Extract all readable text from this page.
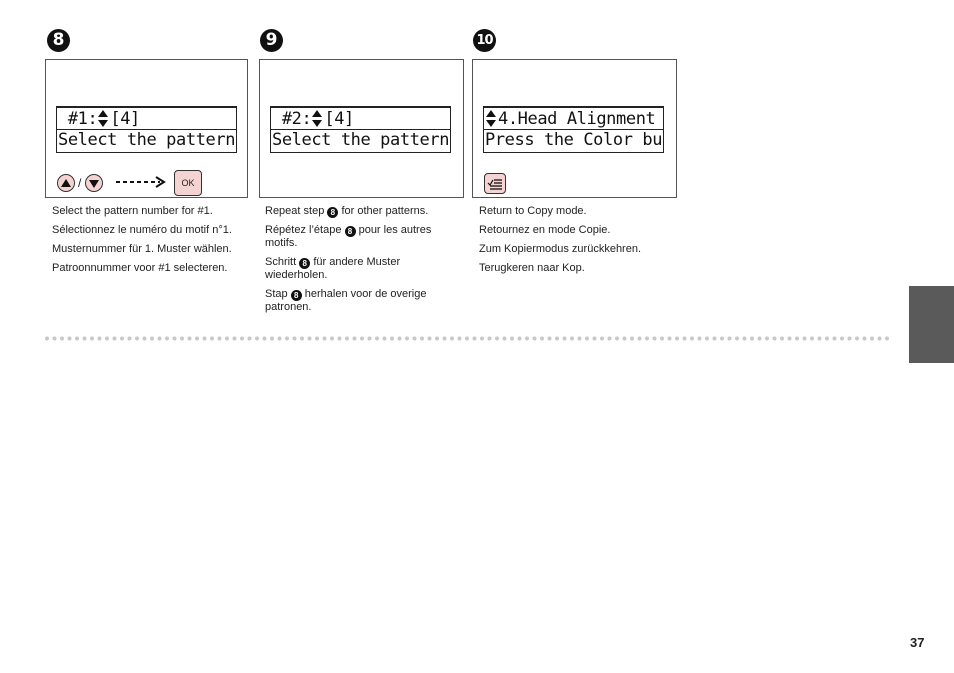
8
#1: [4]
Select the pattern
/	OK

Select the pattern number for #1.

Sélectionnez le numéro du motif n°1.

Musternummer für 1. Muster wählen.

Patroonnummer voor #1 selecteren.

9
#2: [4]
Select the pattern

Repeat step 8 for other patterns.

Répétez l’étape 8 pour les autres motifs.

Schritt 8 für andere Muster wiederholen.

Stap 8 herhalen voor de overige patronen.

10
4.Head Alignment
Press the Color bu

Return to Copy mode.

Retournez en mode Copie.

Zum Kopiermodus zurückkehren.

Terugkeren naar Kop.

37
